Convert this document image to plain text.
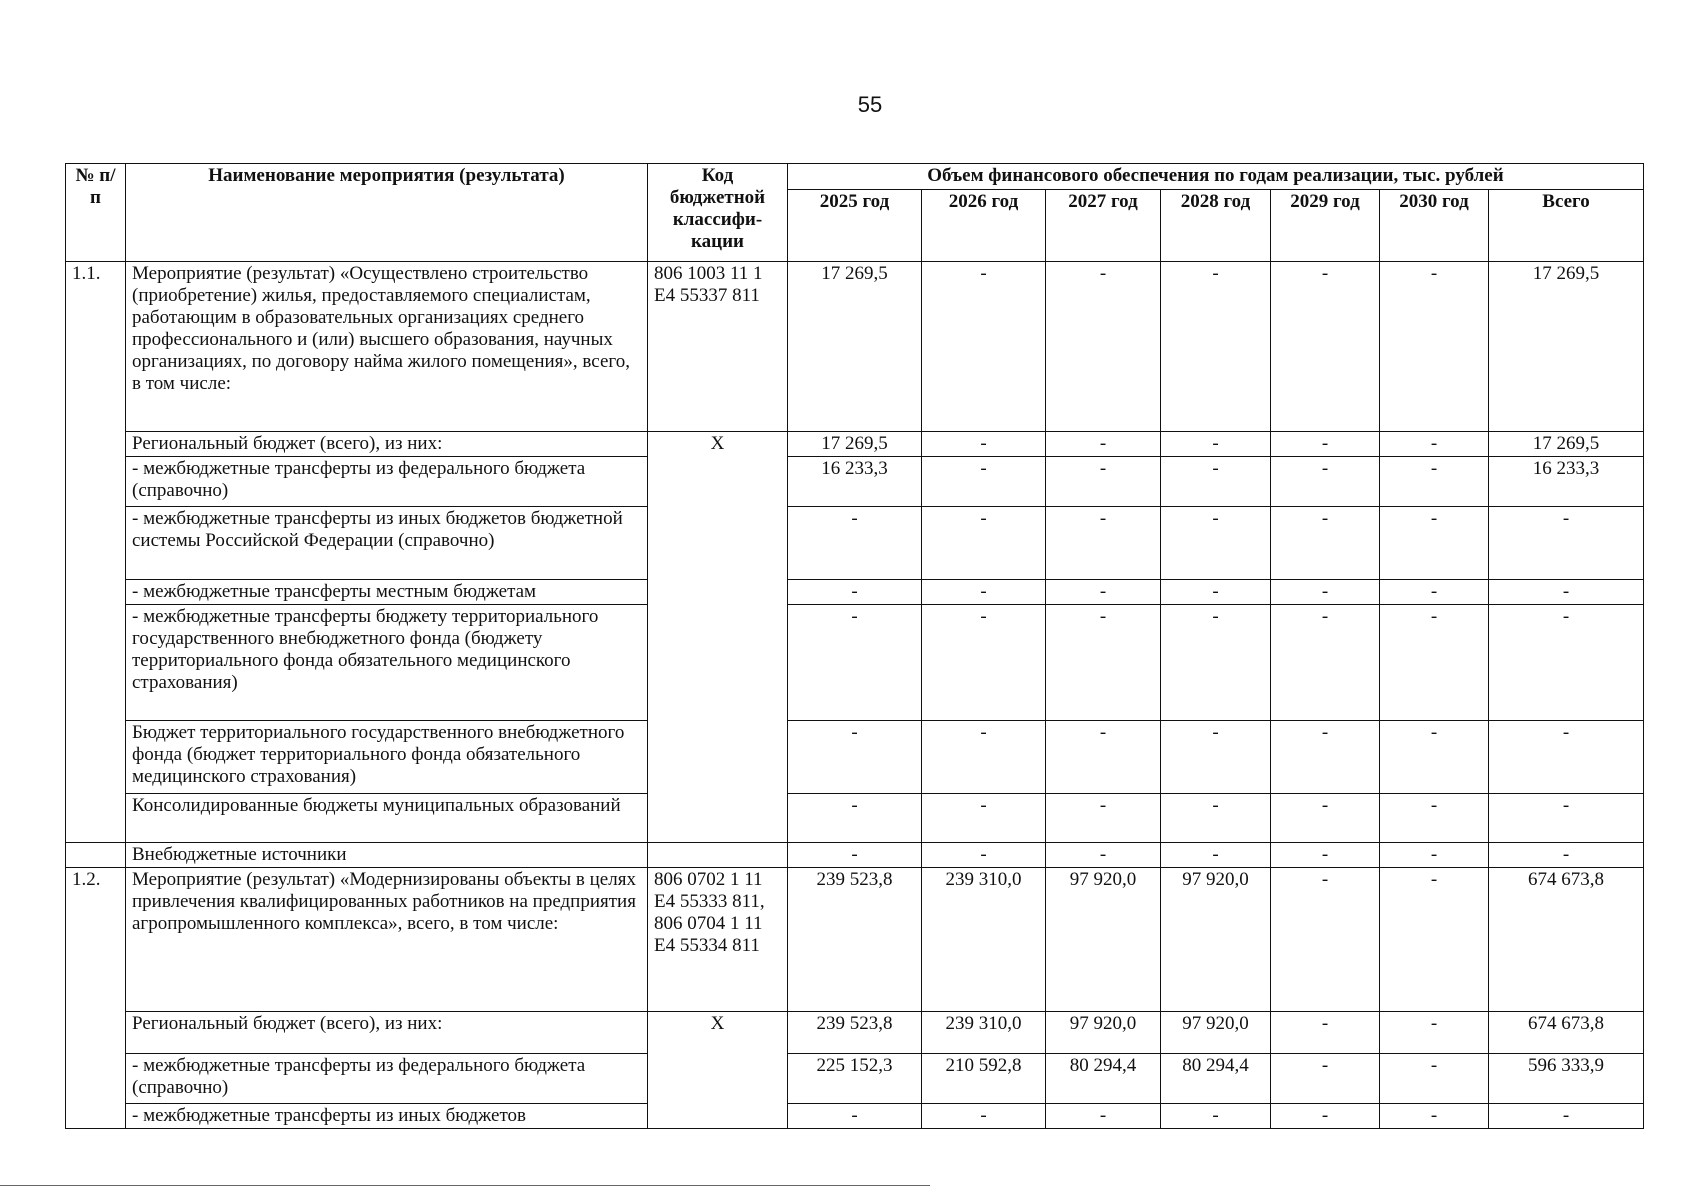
55
№ п/п	Наименование мероприятия (результата)	Код бюджетной классифи-кации	Объем финансового обеспечения по годам реализации, тыс. рублей						
			2025 год	2026 год	2027 год	2028 год	2029 год	2030 год	Всего
1.1.	Мероприятие (результат) «Осуществлено строительство (приобретение) жилья, предоставляемого специалистам, работающим в образовательных организациях среднего профессионального и (или) высшего образования, научных организациях, по договору найма жилого помещения», всего, в том числе:	806 1003 11 1 Е4 55337 811	17 269,5	-	-	-	-	-	17 269,5
	Региональный бюджет (всего), из них:	Х	17 269,5	-	-	-	-	-	17 269,5
	- межбюджетные трансферты из федерального бюджета (справочно)		16 233,3	-	-	-	-	-	16 233,3
	- межбюджетные трансферты из иных бюджетов бюджетной системы Российской Федерации (справочно)		-	-	-	-	-	-	-
	- межбюджетные трансферты местным бюджетам		-	-	-	-	-	-	-
	- межбюджетные трансферты бюджету территориального государственного внебюджетного фонда (бюджету территориального фонда обязательного медицинского страхования)		-	-	-	-	-	-	-
	Бюджет территориального государственного внебюджетного фонда (бюджет территориального фонда обязательного медицинского страхования)		-	-	-	-	-	-	-
	Консолидированные бюджеты муниципальных образований		-	-	-	-	-	-	-
	Внебюджетные источники		-	-	-	-	-	-	-
1.2.	Мероприятие (результат) «Модернизированы объекты в целях привлечения квалифицированных работников на предприятия агропромышленного комплекса», всего, в том числе:	806 0702 1 11 Е4 55333 811, 806 0704 1 11 Е4 55334 811	239 523,8	239 310,0	97 920,0	97 920,0	-	-	674 673,8
	Региональный бюджет (всего), из них:	Х	239 523,8	239 310,0	97 920,0	97 920,0	-	-	674 673,8
	- межбюджетные трансферты из федерального бюджета (справочно)		225 152,3	210 592,8	80 294,4	80 294,4	-	-	596 333,9
	- межбюджетные трансферты из иных бюджетов		-	-	-	-	-	-	-
